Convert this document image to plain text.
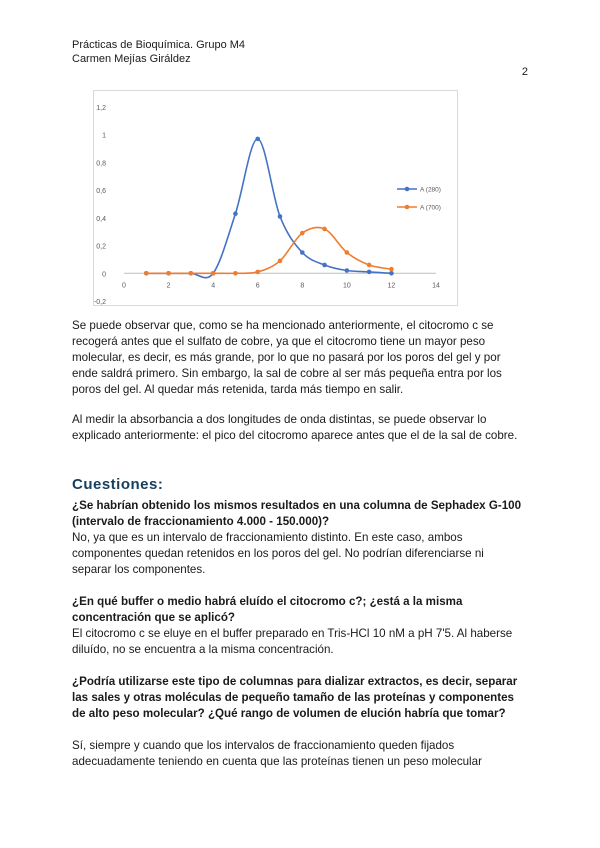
Prácticas de Bioquímica. Grupo M4
Carmen Mejías Giráldez
2
-0,2
0
0,2
0,4
0,6
0,8
1
1,2
0	2	4	6	8	10	12	14
A (280)
A (700)

Se puede observar que, como se ha mencionado anteriormente, el citocromo c se recogerá antes que el sulfato de cobre, ya que el citocromo tiene un mayor peso molecular, es decir, es más grande, por lo que no pasará por los poros del gel y por ende saldrá primero. Sin embargo, la sal de cobre al ser más pequeña entra por los poros del gel. Al quedar más retenida, tarda más tiempo en salir.

Al medir la absorbancia a dos longitudes de onda distintas, se puede observar lo explicado anteriormente: el pico del citocromo aparece antes que el de la sal de cobre.

Cuestiones:

¿Se habrían obtenido los mismos resultados en una columna de Sephadex G-100 (intervalo de fraccionamiento 4.000 - 150.000)?

No, ya que es un intervalo de fraccionamiento distinto. En este caso, ambos componentes quedan retenidos en los poros del gel. No podrían diferenciarse ni separar los componentes.

¿En qué buffer o medio habrá eluído el citocromo c?; ¿está a la misma concentración que se aplicó?

El citocromo c se eluye en el buffer preparado en Tris-HCl 10 nM a pH 7'5. Al haberse diluído, no se encuentra a la misma concentración.

¿Podría utilizarse este tipo de columnas para dializar extractos, es decir, separar las sales y otras moléculas de pequeño tamaño de las proteínas y componentes de alto peso molecular? ¿Qué rango de volumen de elución habría que tomar?

Sí, siempre y cuando que los intervalos de fraccionamiento queden fijados adecuadamente teniendo en cuenta que las proteínas tienen un peso molecular
